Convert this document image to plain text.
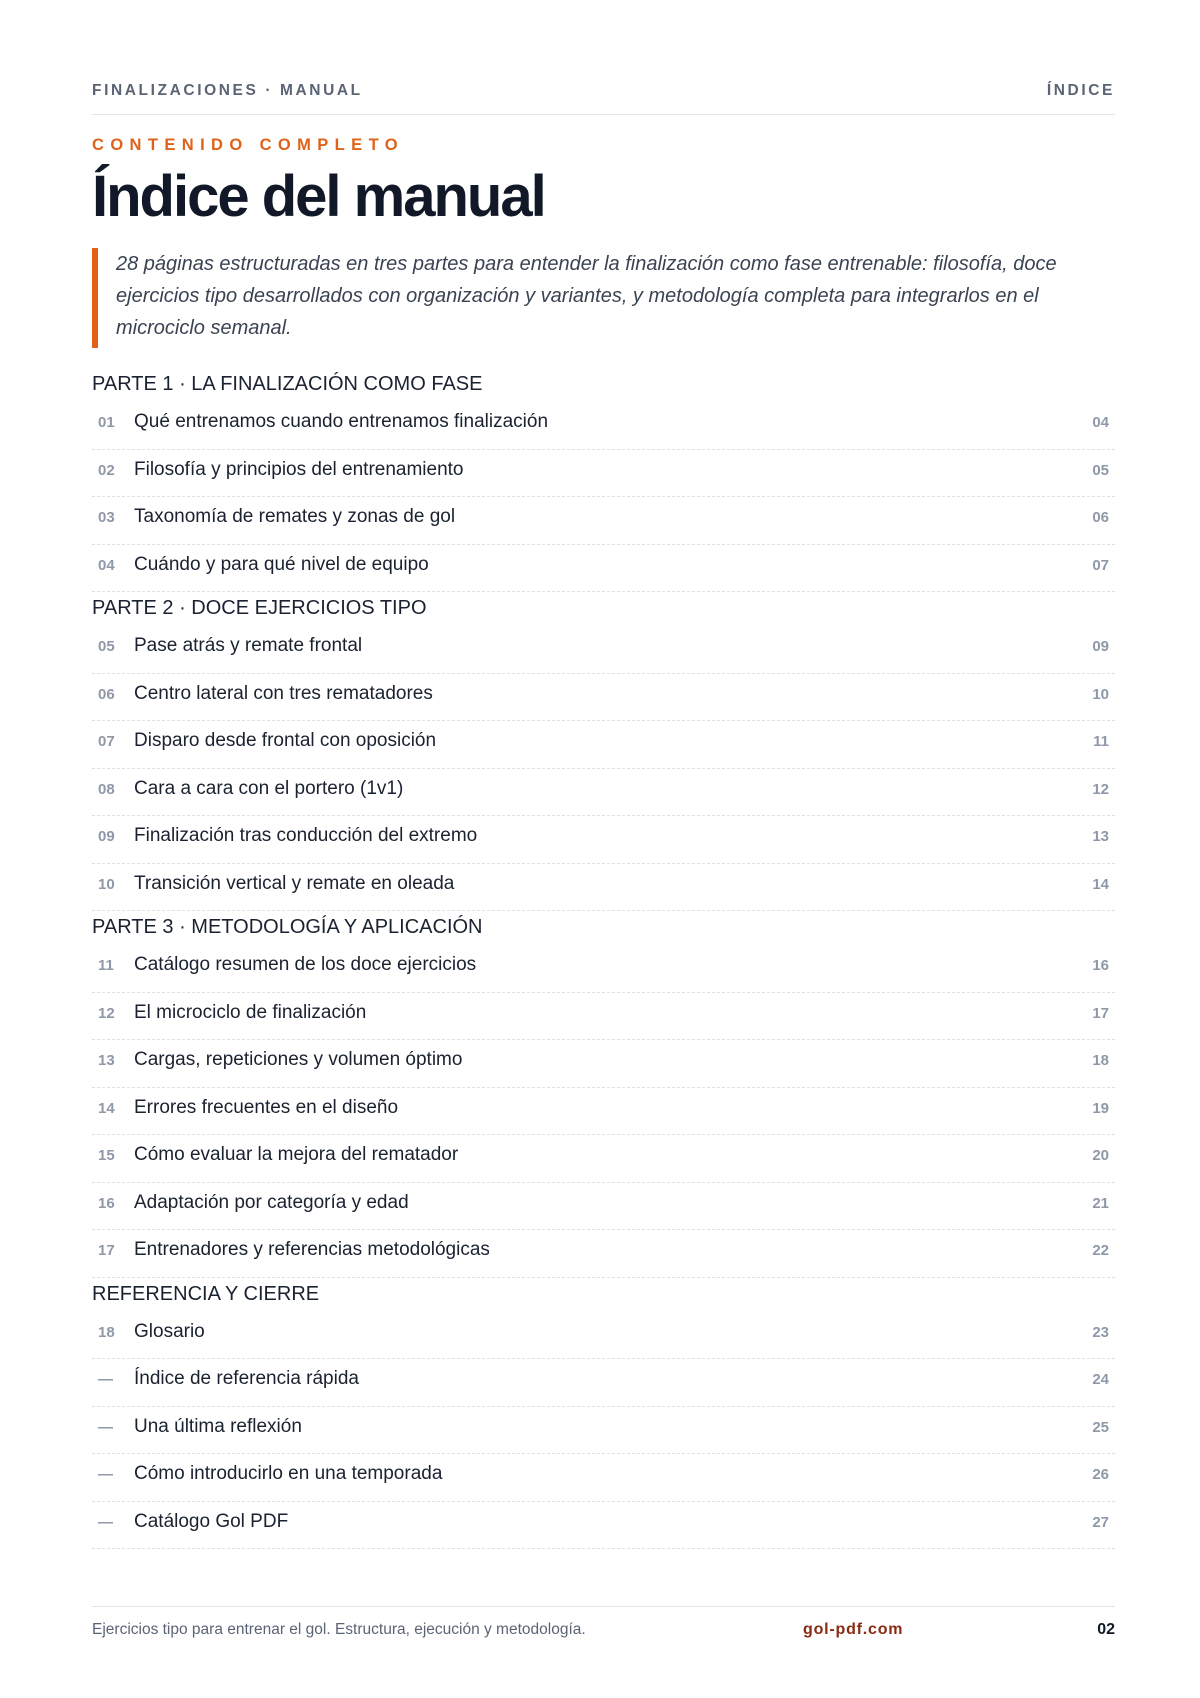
FINALIZACIONES · MANUAL	ÍNDICE
CONTENIDO COMPLETO
Índice del manual

28 páginas estructuradas en tres partes para entender la finalización como fase entrenable: filosofía, doce ejercicios tipo desarrollados con organización y variantes, y metodología completa para integrarlos en el microciclo semanal.

PARTE 1 · LA FINALIZACIÓN COMO FASE
01 Qué entrenamos cuando entrenamos finalización	04
02 Filosofía y principios del entrenamiento	05
03 Taxonomía de remates y zonas de gol	06
04 Cuándo y para qué nivel de equipo	07
PARTE 2 · DOCE EJERCICIOS TIPO
05 Pase atrás y remate frontal	09
06 Centro lateral con tres rematadores	10
07 Disparo desde frontal con oposición	11
08 Cara a cara con el portero (1v1)	12
09 Finalización tras conducción del extremo	13
10 Transición vertical y remate en oleada	14
PARTE 3 · METODOLOGÍA Y APLICACIÓN
11 Catálogo resumen de los doce ejercicios	16
12 El microciclo de finalización	17
13 Cargas, repeticiones y volumen óptimo	18
14 Errores frecuentes en el diseño	19
15 Cómo evaluar la mejora del rematador	20
16 Adaptación por categoría y edad	21
17 Entrenadores y referencias metodológicas	22
REFERENCIA Y CIERRE
18 Glosario	23
— Índice de referencia rápida	24
— Una última reflexión	25
— Cómo introducirlo en una temporada	26
— Catálogo Gol PDF	27
Ejercicios tipo para entrenar el gol. Estructura, ejecución y metodología.	gol-pdf.com	02
